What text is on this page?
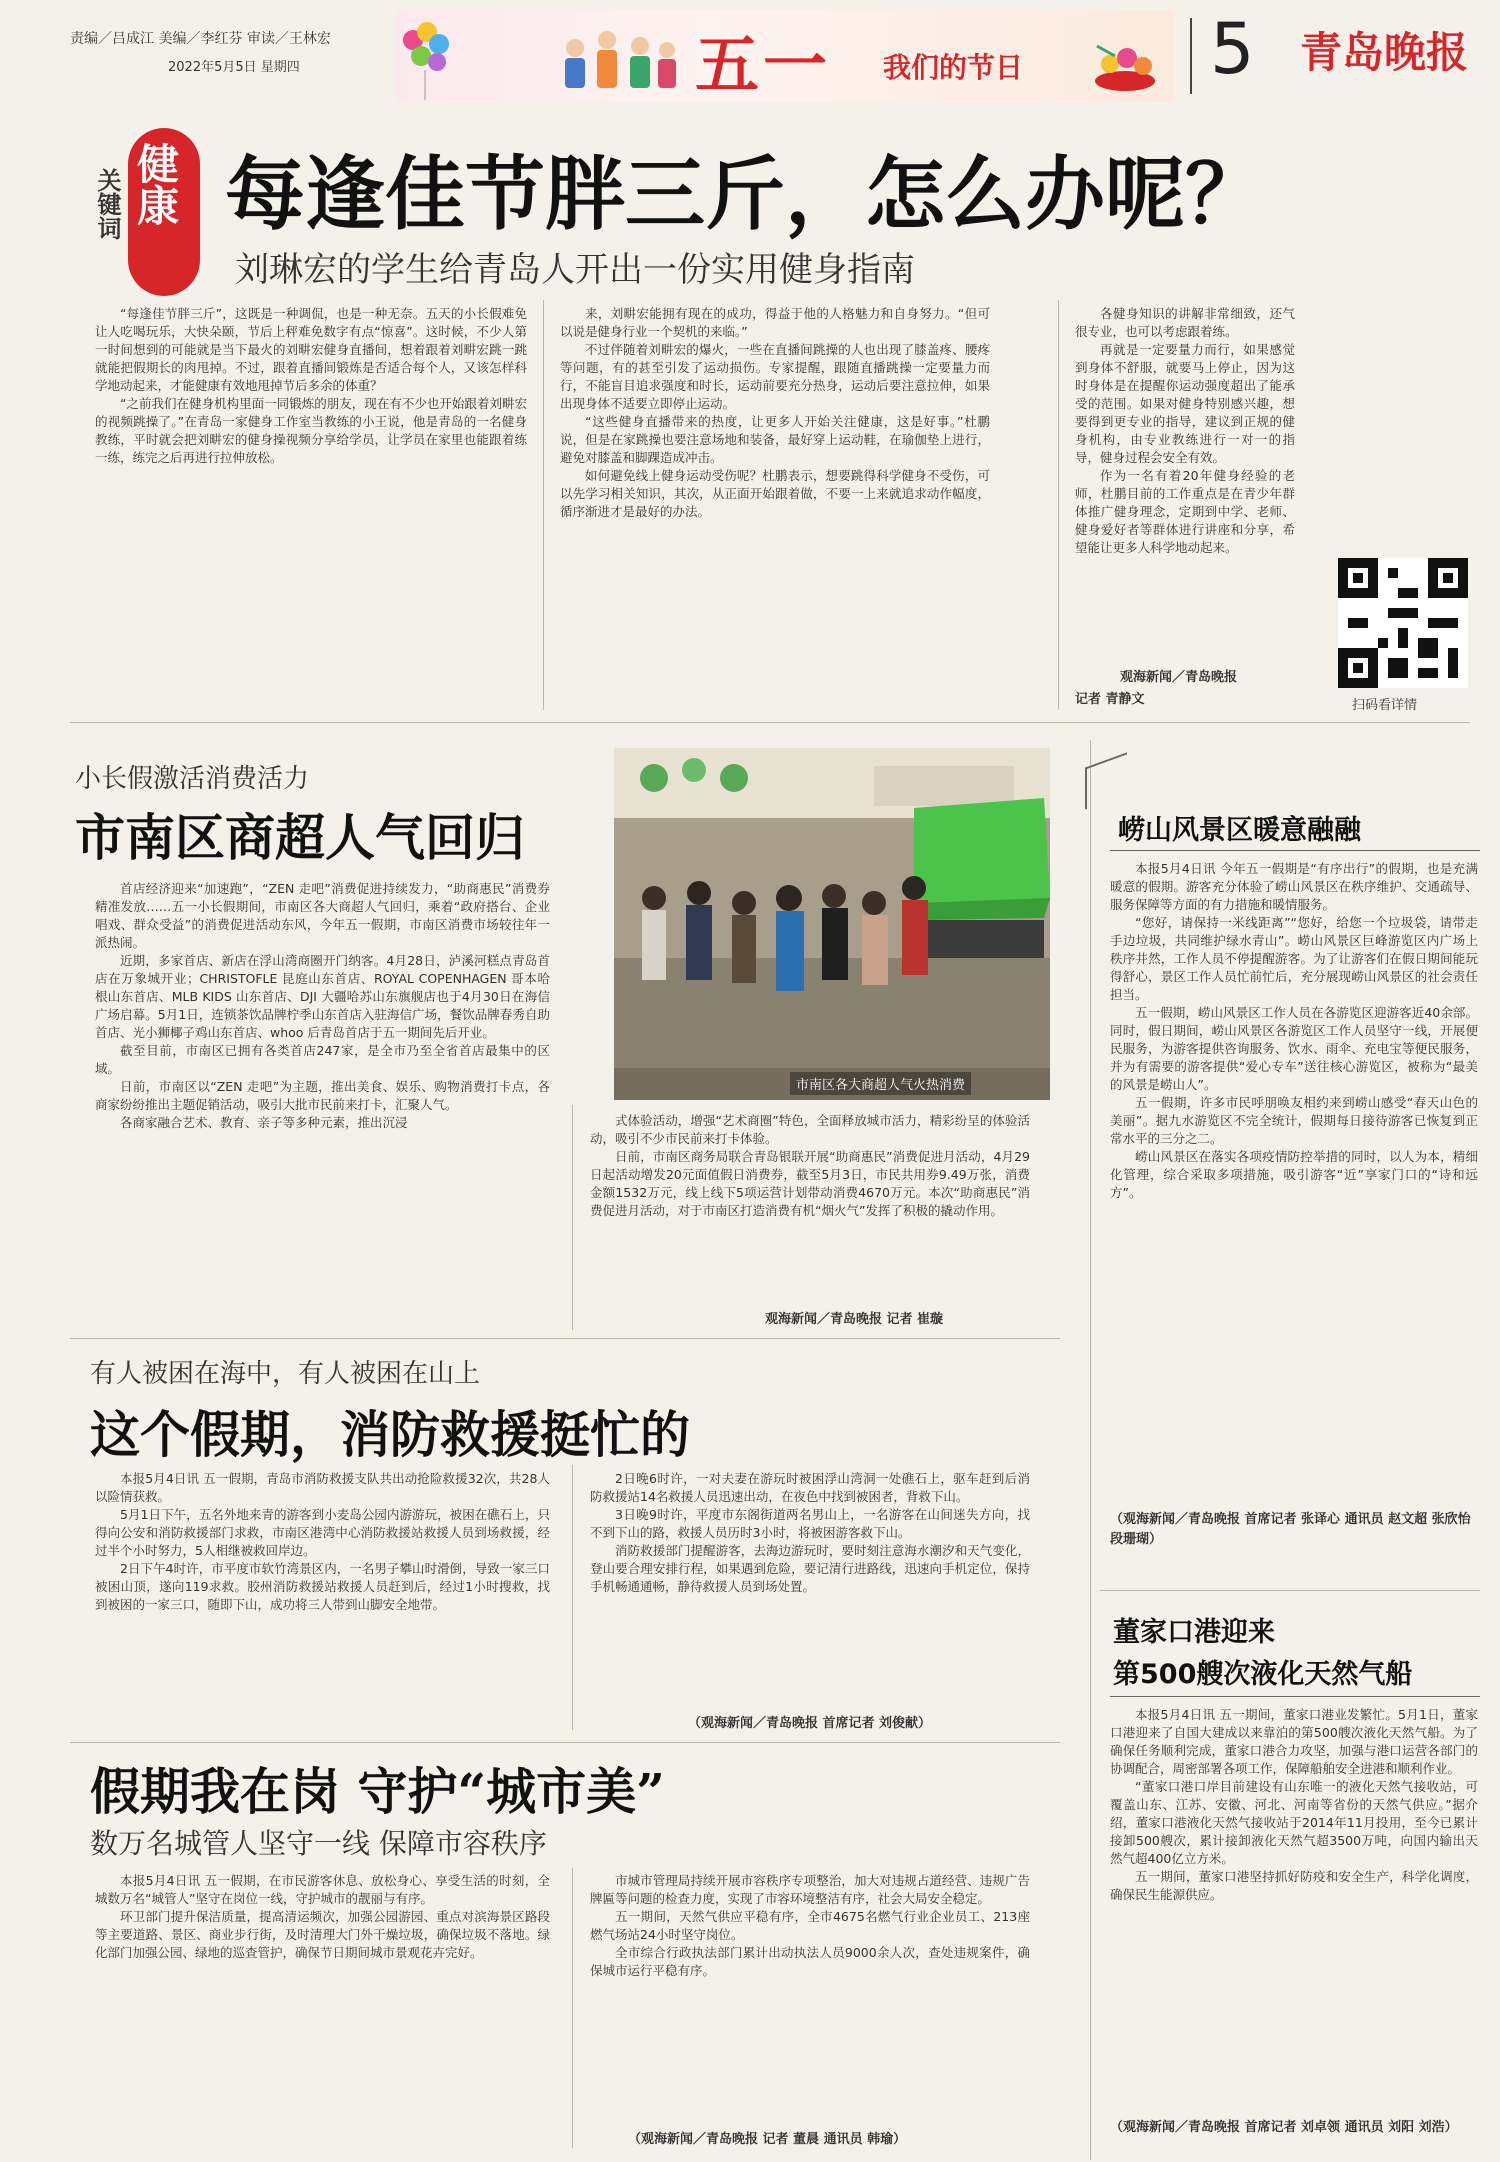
责编／吕成江 美编／李红芬 审读／王林宏
2022年5月5日 星期四	五一 我们的节日	5 青岛晚报
关键词 健康 每逢佳节胖三斤，怎么办呢？
刘琳宏的学生给青岛人开出一份实用健身指南

“每逢佳节胖三斤”，这既是一种调侃，也是一种无奈。五天的小长假难免让人吃喝玩乐，大快朵颐，节后上秤难免数字有点“惊喜”。这时候，不少人第一时间想到的可能就是当下最火的刘畊宏健身直播间，想着跟着刘畊宏跳一跳就能把假期长的肉甩掉。不过，跟着直播间锻炼是否适合每个人，又该怎样科学地动起来，才能健康有效地甩掉节后多余的体重？

“之前我们在健身机构里面一同锻炼的朋友，现在有不少也开始跟着刘畊宏的视频跳操了。”在青岛一家健身工作室当教练的小王说，他是青岛的一名健身教练，平时就会把刘畊宏的健身操视频分享给学员，让学员在家里也能跟着练一练，练完之后再进行拉伸放松。

来，刘畊宏能拥有现在的成功，得益于他的人格魅力和自身努力。“但可以说是健身行业一个契机的来临。”

不过伴随着刘畊宏的爆火，一些在直播间跳操的人也出现了膝盖疼、腰疼等问题，有的甚至引发了运动损伤。专家提醒，跟随直播跳操一定要量力而行，不能盲目追求强度和时长，运动前要充分热身，运动后要注意拉伸，如果出现身体不适要立即停止运动。

“这些健身直播带来的热度，让更多人开始关注健康，这是好事。”杜鹏说，但是在家跳操也要注意场地和装备，最好穿上运动鞋，在瑜伽垫上进行，避免对膝盖和脚踝造成冲击。

如何避免线上健身运动受伤呢？杜鹏表示，想要跳得科学健身不受伤，可以先学习相关知识，其次，从正面开始跟着做，不要一上来就追求动作幅度，循序渐进才是最好的办法。

各健身知识的讲解非常细致，还气很专业，也可以考虑跟着练。

再就是一定要量力而行，如果感觉到身体不舒服，就要马上停止，因为这时身体是在提醒你运动强度超出了能承受的范围。如果对健身特别感兴趣，想要得到更专业的指导，建议到正规的健身机构，由专业教练进行一对一的指导，健身过程会安全有效。

作为一名有着20年健身经验的老师，杜鹏目前的工作重点是在青少年群体推广健身理念，定期到中学、老师、健身爱好者等群体进行讲座和分享，希望能让更多人科学地动起来。

观海新闻／青岛晚报
记者 青静文	扫码看详情
小长假激活消费活力
市南区商超人气回归
市南区各大商超人气火热消费

首店经济迎来“加速跑”，“ZEN 走吧”消费促进持续发力，“助商惠民”消费券精准发放……五一小长假期间，市南区各大商超人气回归，乘着“政府搭台、企业唱戏、群众受益”的消费促进活动东风，今年五一假期，市南区消费市场较往年一派热闹。

近期，多家首店、新店在浮山湾商圈开门纳客。4月28日，泸溪河糕点青岛首店在万象城开业；CHRISTOFLE 昆庭山东首店、ROYAL COPENHAGEN 哥本哈根山东首店、MLB KIDS 山东首店、DJI 大疆哈苏山东旗舰店也于4月30日在海信广场启幕。5月1日，连锁茶饮品牌柠季山东首店入驻海信广场，餐饮品牌春秀自助首店、光小狮椰子鸡山东首店、whoo 后青岛首店于五一期间先后开业。

截至目前，市南区已拥有各类首店247家，是全市乃至全省首店最集中的区域。

日前，市南区以“ZEN 走吧”为主题，推出美食、娱乐、购物消费打卡点，各商家纷纷推出主题促销活动，吸引大批市民前来打卡，汇聚人气。

各商家融合艺术、教育、亲子等多种元素，推出沉浸	式体验活动，增强“艺术商圈”特色，全面释放城市活力，精彩纷呈的体验活动，吸引不少市民前来打卡体验。

日前，市南区商务局联合青岛银联开展“助商惠民”消费促进月活动，4月29日起活动增发20元面值假日消费券，截至5月3日，市民共用券9.49万张，消费金额1532万元，线上线下5项运营计划带动消费4670万元。本次“助商惠民”消费促进月活动，对于市南区打造消费有机“烟火气”发挥了积极的撬动作用。

观海新闻／青岛晚报 记者 崔璇
有人被困在海中，有人被困在山上
这个假期，消防救援挺忙的

本报5月4日讯 五一假期，青岛市消防救援支队共出动抢险救援32次，共28人以险情获救。

5月1日下午，五名外地来青的游客到小麦岛公园内游游玩，被困在礁石上，只得向公安和消防救援部门求救，市南区港湾中心消防救援站救援人员到场救援，经过半个小时努力，5人相继被救回岸边。

2日下午4时许，市平度市软竹湾景区内，一名男子攀山时滑倒，导致一家三口被困山顶，遂向119求救。胶州消防救援站救援人员赶到后，经过1小时搜救，找到被困的一家三口，随即下山，成功将三人带到山脚安全地带。

2日晚6时许，一对夫妻在游玩时被困浮山湾洞一处礁石上，驱车赶到后消防救援站14名救援人员迅速出动，在夜色中找到被困者，背救下山。

3日晚9时许，平度市东阁街道两名男山上，一名游客在山间迷失方向，找不到下山的路，救援人员历时3小时，将被困游客救下山。

消防救援部门提醒游客，去海边游玩时，要时刻注意海水潮汐和天气变化，登山要合理安排行程，如果遇到危险，要记清行进路线，迅速向手机定位，保持手机畅通通畅，静待救援人员到场处置。

（观海新闻／青岛晚报 首席记者 刘俊献）
假期我在岗 守护“城市美”
数万名城管人坚守一线 保障市容秩序

本报5月4日讯 五一假期，在市民游客休息、放松身心、享受生活的时刻，全城数万名“城管人”坚守在岗位一线，守护城市的靓丽与有序。

环卫部门提升保洁质量，提高清运频次，加强公园游园、重点对滨海景区路段等主要道路、景区、商业步行街，及时清理大门外干燥垃圾，确保垃圾不落地。绿化部门加强公园、绿地的巡查管护，确保节日期间城市景观花卉完好。

市城市管理局持续开展市容秩序专项整治，加大对违规占道经营、违规广告牌匾等问题的检查力度，实现了市容环境整洁有序，社会大局安全稳定。

五一期间，天然气供应平稳有序，全市4675名燃气行业企业员工、213座燃气场站24小时坚守岗位。

全市综合行政执法部门累计出动执法人员9000余人次，查处违规案件，确保城市运行平稳有序。

（观海新闻／青岛晚报 记者 董晨 通讯员 韩瑜）
崂山风景区暖意融融

本报5月4日讯 今年五一假期是“有序出行”的假期，也是充满暖意的假期。游客充分体验了崂山风景区在秩序维护、交通疏导、服务保障等方面的有力措施和暖情服务。

“您好，请保持一米线距离”“您好，给您一个垃圾袋，请带走手边垃圾，共同维护绿水青山”。崂山风景区巨峰游览区内广场上秩序井然，工作人员不停提醒游客。为了让游客们在假日期间能玩得舒心，景区工作人员忙前忙后，充分展现崂山风景区的社会责任担当。

五一假期，崂山风景区工作人员在各游览区迎游客近40余部。同时，假日期间，崂山风景区各游览区工作人员坚守一线，开展便民服务，为游客提供咨询服务、饮水、雨伞、充电宝等便民服务，并为有需要的游客提供“爱心专车”送往核心游览区，被称为“最美的风景是崂山人”。

五一假期，许多市民呼朋唤友相约来到崂山感受“春天山色的美丽”。据九水游览区不完全统计，假期每日接待游客已恢复到正常水平的三分之二。

崂山风景区在落实各项疫情防控举措的同时，以人为本，精细化管理，综合采取多项措施，吸引游客“近”享家门口的“诗和远方”。

（观海新闻／青岛晚报 首席记者 张译心 通讯员 赵文超 张欣怡 段珊瑚）
董家口港迎来
第500艘次液化天然气船

本报5月4日讯 五一期间，董家口港业发繁忙。5月1日，董家口港迎来了自国大建成以来靠泊的第500艘次液化天然气船。为了确保任务顺利完成，董家口港合力攻坚，加强与港口运营各部门的协调配合，周密部署各项工作，保障船舶安全进港和顺利作业。

“董家口港口岸目前建设有山东唯一的液化天然气接收站，可覆盖山东、江苏、安徽、河北、河南等省份的天然气供应。”据介绍，董家口港液化天然气接收站于2014年11月投用，至今已累计接卸500艘次，累计接卸液化天然气超3500万吨，向国内输出天然气超400亿立方米。

五一期间，董家口港坚持抓好防疫和安全生产，科学化调度，确保民生能源供应。

（观海新闻／青岛晚报 首席记者 刘卓领 通讯员 刘阳 刘浩）
